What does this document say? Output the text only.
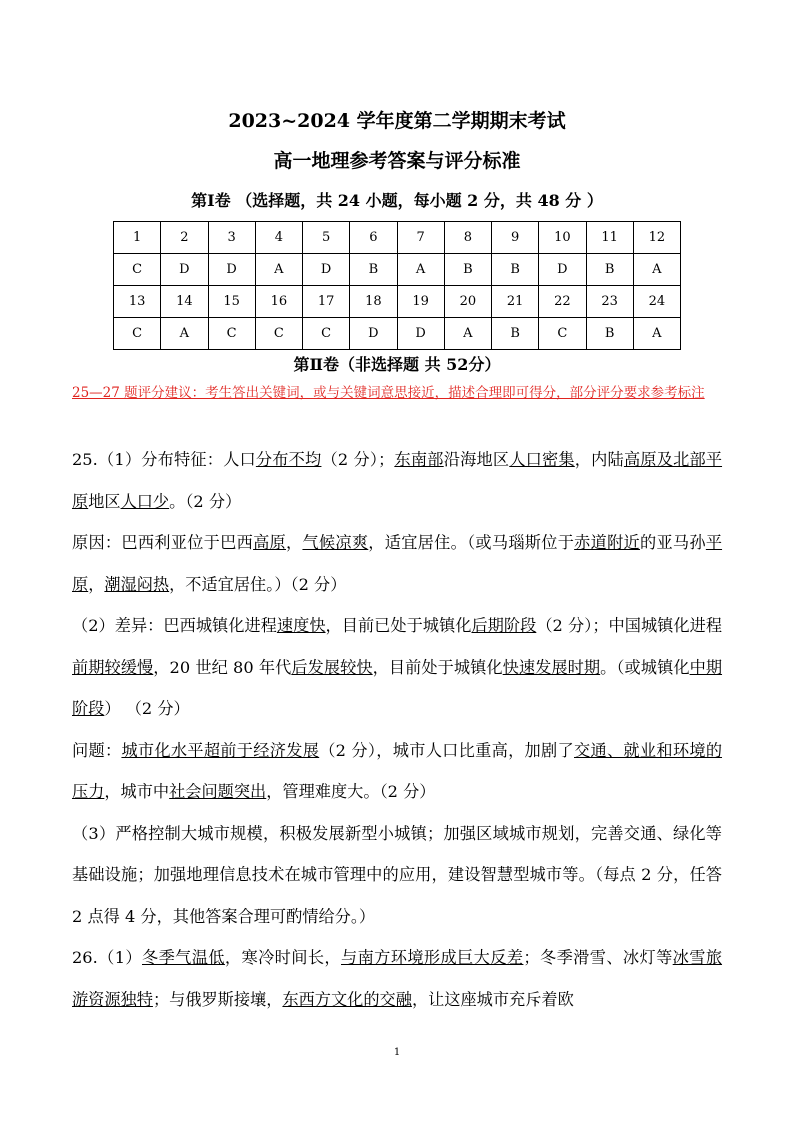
2023~2024 学年度第二学期期末考试
高一地理参考答案与评分标准
第Ⅰ卷 （选择题，共 24 小题，每小题 2 分，共 48 分 ）
1	2	3	4	5	6	7	8	9	10	11	12
C	D	D	A	D	B	A	B	B	D	B	A
13	14	15	16	17	18	19	20	21	22	23	24
C	A	C	C	C	D	D	A	B	C	B	A
第Ⅱ卷（非选择题 共 52分）
25—27 题评分建议：考生答出关键词，或与关键词意思接近，描述合理即可得分，部分评分要求参考标注

25.（1）分布特征：人口分布不均（2 分）；东南部沿海地区人口密集，内陆高原及北部平原地区人口少。（2 分）

原因：巴西利亚位于巴西高原，气候凉爽，适宜居住。（或马瑙斯位于赤道附近的亚马孙平原，潮湿闷热，不适宜居住。）（2 分）

（2）差异：巴西城镇化进程速度快，目前已处于城镇化后期阶段（2 分）；中国城镇化进程前期较缓慢，20 世纪 80 年代后发展较快，目前处于城镇化快速发展时期。（或城镇化中期阶段） （2 分）

问题：城市化水平超前于经济发展（2 分），城市人口比重高，加剧了交通、就业和环境的压力，城市中社会问题突出，管理难度大。（2 分）

（3）严格控制大城市规模，积极发展新型小城镇；加强区域城市规划，完善交通、绿化等基础设施；加强地理信息技术在城市管理中的应用，建设智慧型城市等。（每点 2 分，任答 2 点得 4 分，其他答案合理可酌情给分。）

26.（1）冬季气温低，寒冷时间长，与南方环境形成巨大反差；冬季滑雪、冰灯等冰雪旅游资源独特；与俄罗斯接壤，东西方文化的交融，让这座城市充斥着欧

1
